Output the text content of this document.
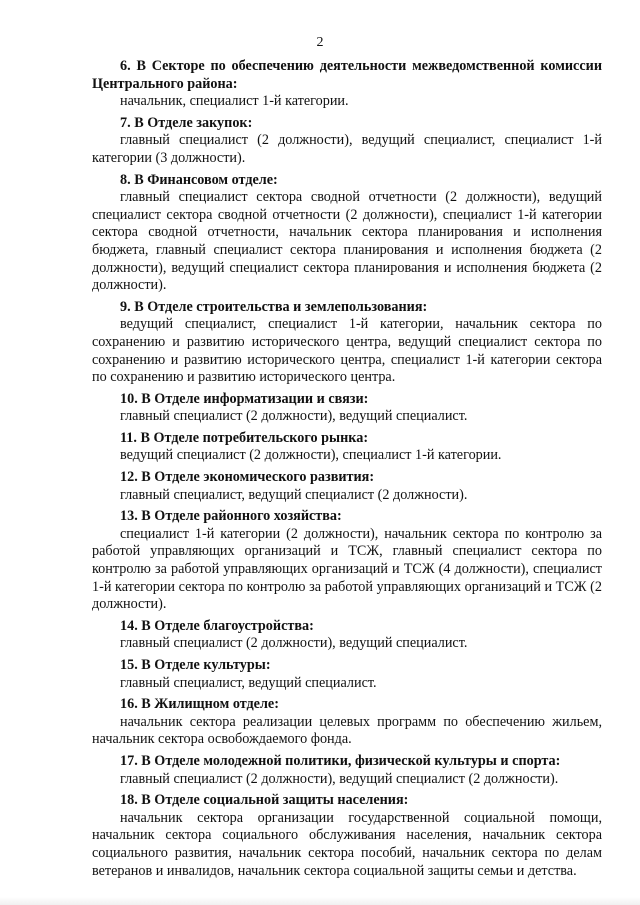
2

6. В Секторе по обеспечению деятельности межведомственной комиссии Центрального района:

начальник, специалист 1-й категории.

7. В Отделе закупок:

главный специалист (2 должности), ведущий специалист, специалист 1-й категории (3 должности).

8. В Финансовом отделе:

главный специалист сектора сводной отчетности (2 должности), ведущий специалист сектора сводной отчетности (2 должности), специалист 1-й категории сектора сводной отчетности, начальник сектора планирования и исполнения бюджета, главный специалист сектора планирования и исполнения бюджета (2 должности), ведущий специалист сектора планирования и исполнения бюджета (2 должности).

9. В Отделе строительства и землепользования:

ведущий специалист, специалист 1-й категории, начальник сектора по сохранению и развитию исторического центра, ведущий специалист сектора по сохранению и развитию исторического центра, специалист 1-й категории сектора по сохранению и развитию исторического центра.

10. В Отделе информатизации и связи:

главный специалист (2 должности), ведущий специалист.

11. В Отделе потребительского рынка:

ведущий специалист (2 должности), специалист 1-й категории.

12. В Отделе экономического развития:

главный специалист, ведущий специалист (2 должности).

13. В Отделе районного хозяйства:

специалист 1-й категории (2 должности), начальник сектора по контролю за работой управляющих организаций и ТСЖ, главный специалист сектора по контролю за работой управляющих организаций и ТСЖ (4 должности), специалист 1-й категории сектора по контролю за работой управляющих организаций и ТСЖ (2 должности).

14. В Отделе благоустройства:

главный специалист (2 должности), ведущий специалист.

15. В Отделе культуры:

главный специалист, ведущий специалист.

16. В Жилищном отделе:

начальник сектора реализации целевых программ по обеспечению жильем, начальник сектора освобождаемого фонда.

17. В Отделе молодежной политики, физической культуры и спорта:

главный специалист (2 должности), ведущий специалист (2 должности).

18. В Отделе социальной защиты населения:

начальник сектора организации государственной социальной помощи, начальник сектора социального обслуживания населения, начальник сектора социального развития, начальник сектора пособий, начальник сектора по делам ветеранов и инвалидов, начальник сектора социальной защиты семьи и детства.
